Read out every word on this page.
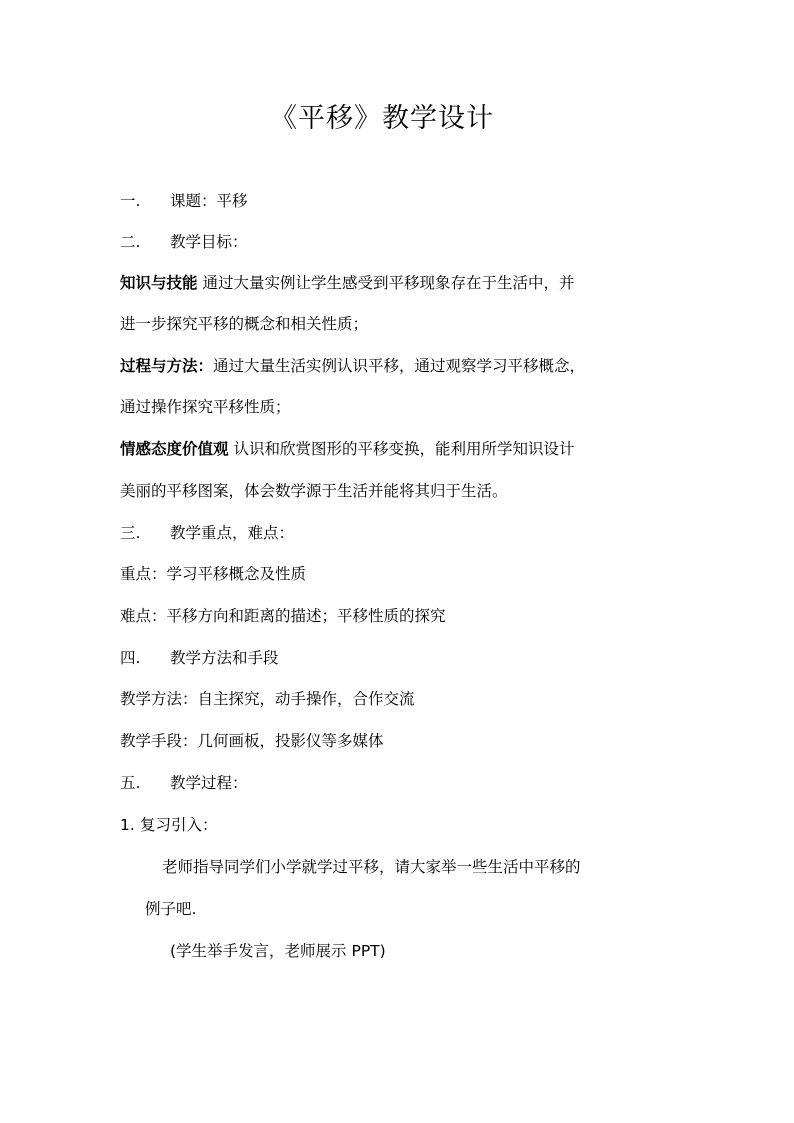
《平移》教学设计
一. 课题：平移
二. 教学目标：
知识与技能 通过大量实例让学生感受到平移现象存在于生活中，并
进一步探究平移的概念和相关性质；
过程与方法：通过大量生活实例认识平移，通过观察学习平移概念，
通过操作探究平移性质；
情感态度价值观 认识和欣赏图形的平移变换，能利用所学知识设计
美丽的平移图案，体会数学源于生活并能将其归于生活。
三. 教学重点，难点：
重点：学习平移概念及性质
难点：平移方向和距离的描述；平移性质的探究
四. 教学方法和手段
教学方法：自主探究，动手操作，合作交流
教学手段：几何画板，投影仪等多媒体
五. 教学过程：
1. 复习引入：
老师指导同学们小学就学过平移，请大家举一些生活中平移的
例子吧.
(学生举手发言，老师展示 PPT)
